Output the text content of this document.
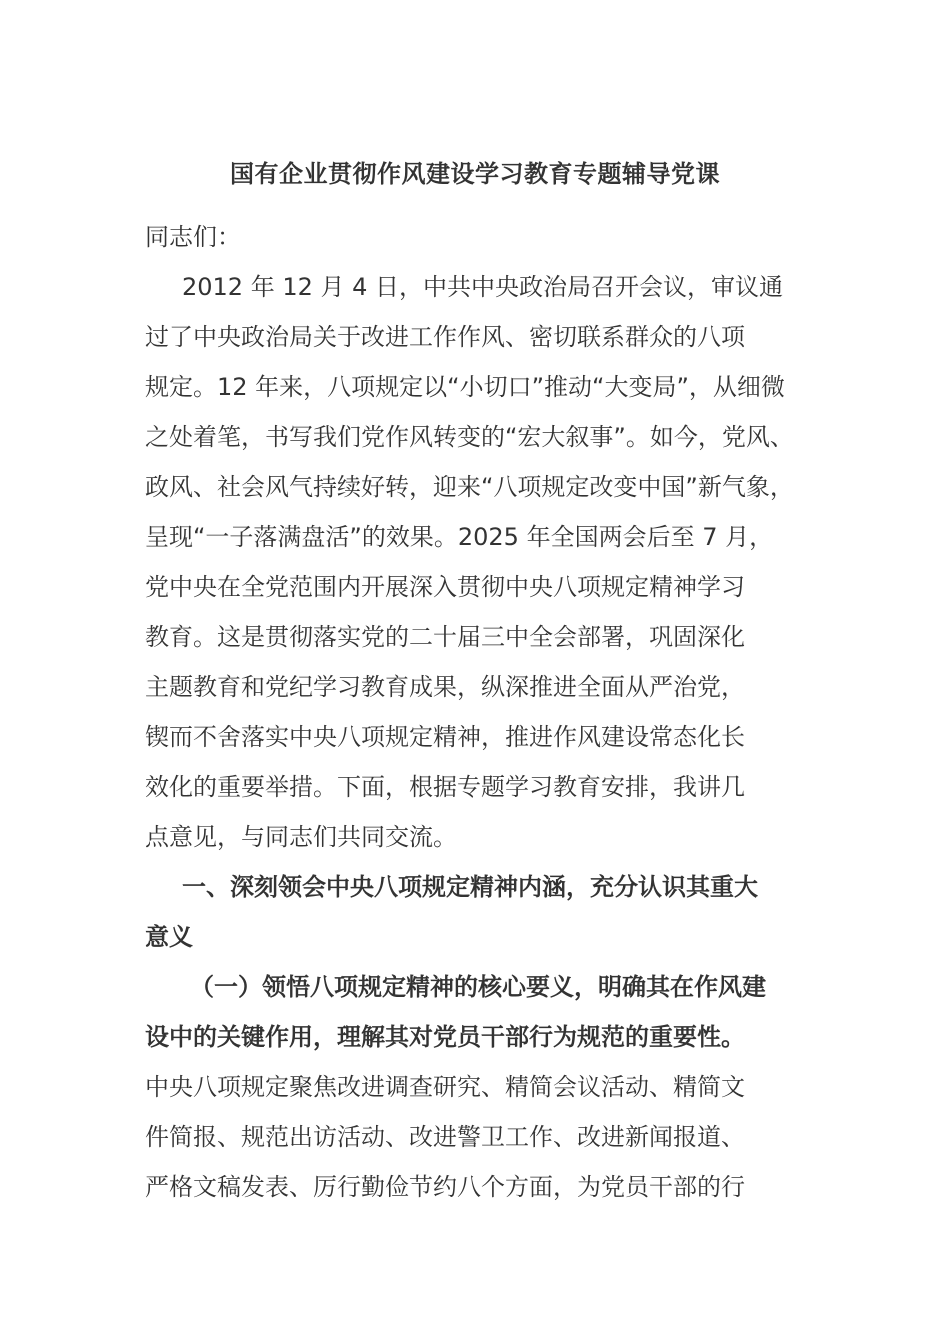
国有企业贯彻作风建设学习教育专题辅导党课
同志们：
2012 年 12 月 4 日，中共中央政治局召开会议，审议通
过了中央政治局关于改进工作作风、密切联系群众的八项
规定。12 年来，八项规定以“小切口”推动“大变局”，从细微
之处着笔，书写我们党作风转变的“宏大叙事”。如今，党风、
政风、社会风气持续好转，迎来“八项规定改变中国”新气象，
呈现“一子落满盘活”的效果。2025 年全国两会后至 7 月，
党中央在全党范围内开展深入贯彻中央八项规定精神学习
教育。这是贯彻落实党的二十届三中全会部署，巩固深化
主题教育和党纪学习教育成果，纵深推进全面从严治党，
锲而不舍落实中央八项规定精神，推进作风建设常态化长
效化的重要举措。下面，根据专题学习教育安排，我讲几
点意见，与同志们共同交流。
一、深刻领会中央八项规定精神内涵，充分认识其重大
意义
（一）领悟八项规定精神的核心要义，明确其在作风建
设中的关键作用，理解其对党员干部行为规范的重要性。
中央八项规定聚焦改进调查研究、精简会议活动、精简文
件简报、规范出访活动、改进警卫工作、改进新闻报道、
严格文稿发表、厉行勤俭节约八个方面，为党员干部的行
